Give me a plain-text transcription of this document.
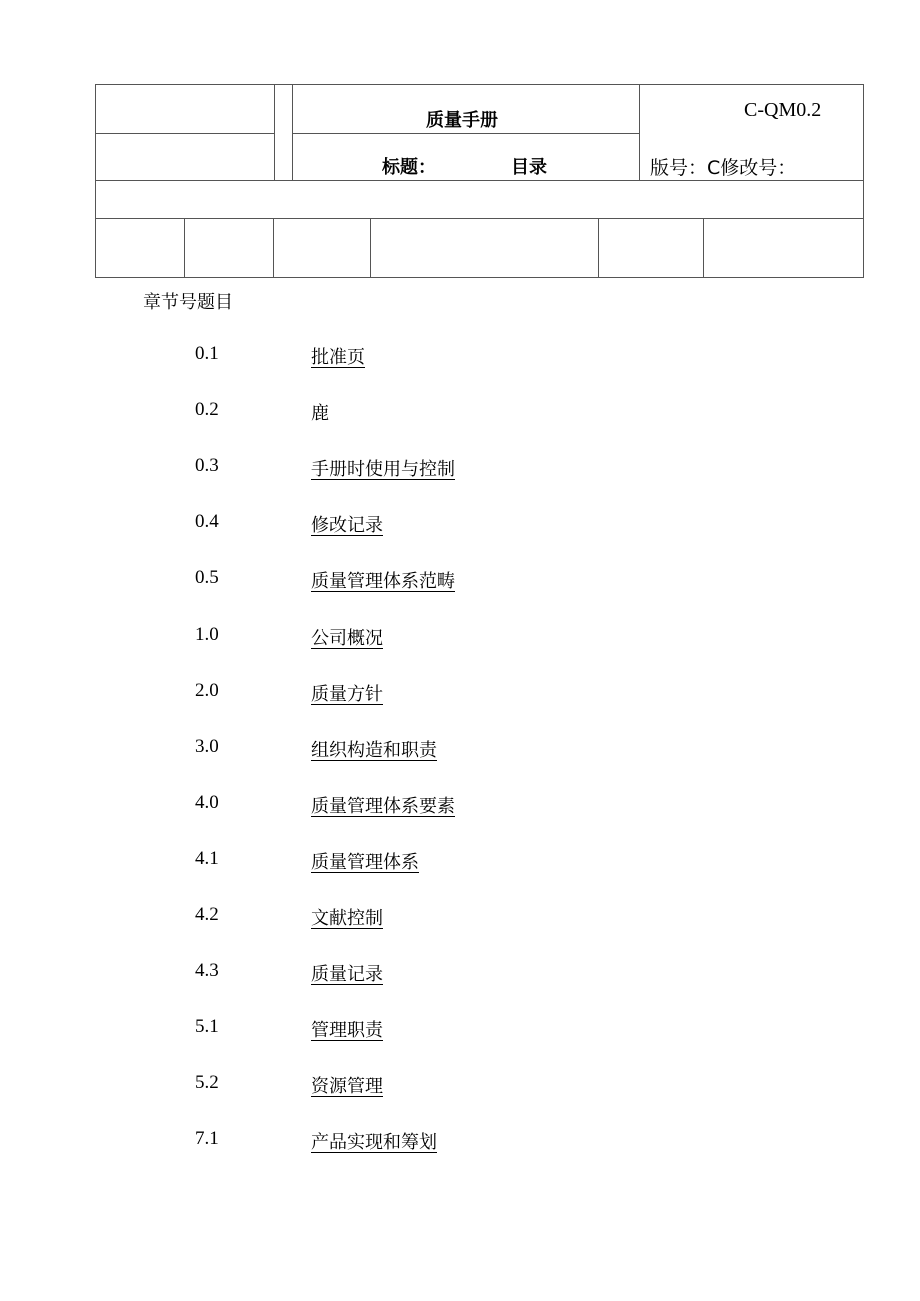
质量手册
标题：	目录
C-QM0.2
版号：C修改号：
章节号题目
0.1	批准页
0.2	鹿
0.3	手册时使用与控制
0.4	修改记录
0.5	质量管理体系范畴
1.0	公司概况
2.0	质量方针
3.0	组织构造和职责
4.0	质量管理体系要素
4.1	质量管理体系
4.2	文献控制
4.3	质量记录
5.1	管理职责
5.2	资源管理
7.1	产品实现和筹划
